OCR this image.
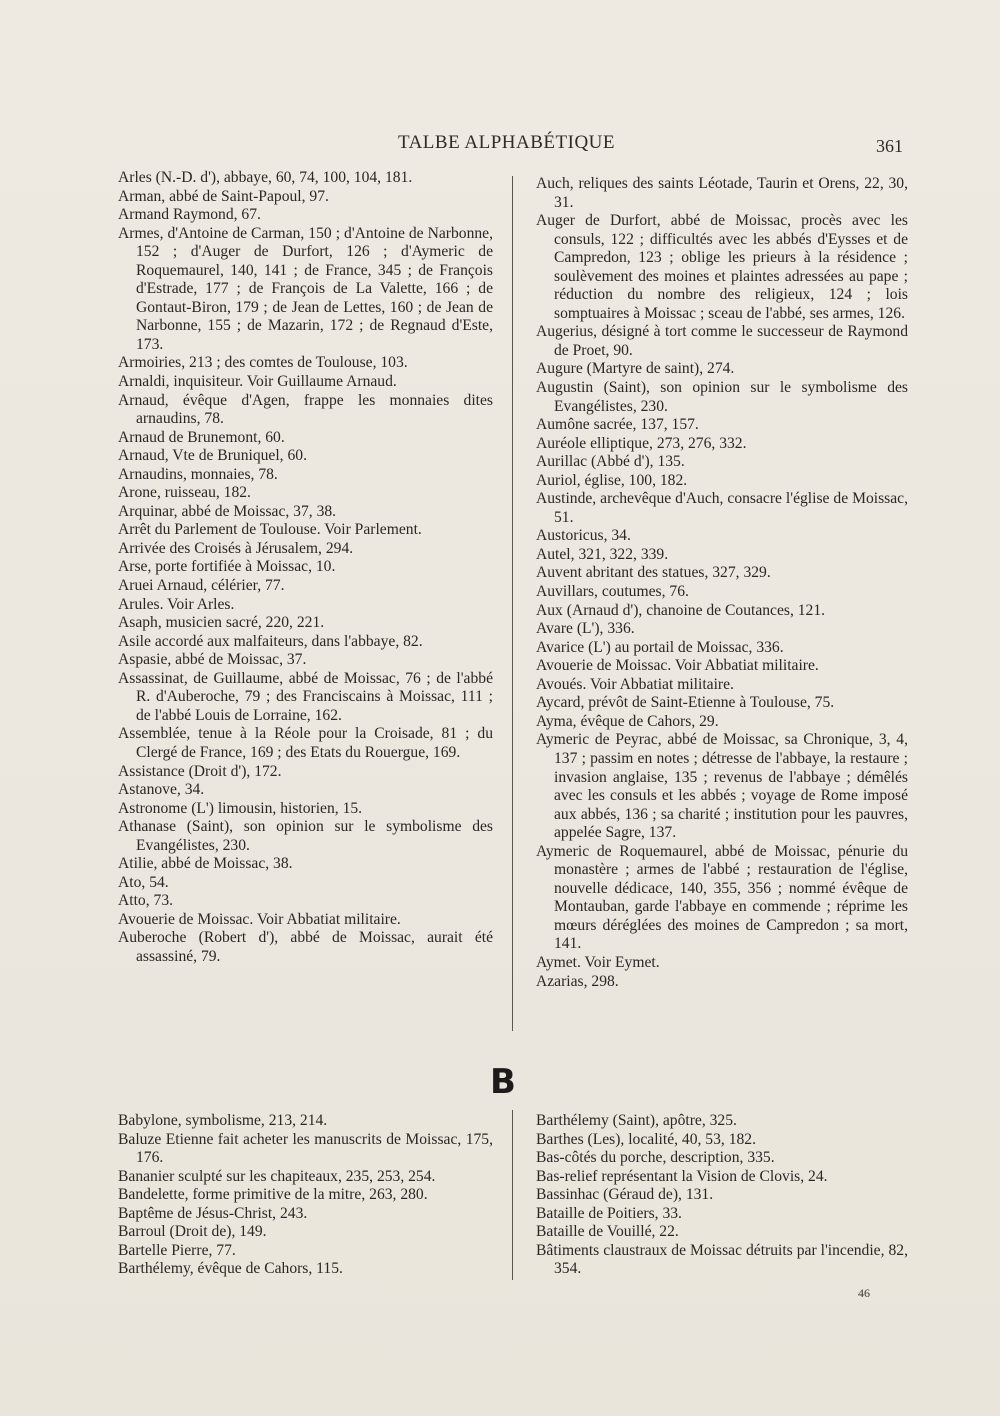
TALBE ALPHABÉTIQUE	361

Arles (N.-D. d'), abbaye, 60, 74, 100, 104, 181.

Arman, abbé de Saint-Papoul, 97.

Armand Raymond, 67.

Armes, d'Antoine de Carman, 150 ; d'Antoine de Narbonne, 152 ; d'Auger de Durfort, 126 ; d'Aymeric de Roquemaurel, 140, 141 ; de France, 345 ; de François d'Estrade, 177 ; de François de La Valette, 166 ; de Gontaut-Biron, 179 ; de Jean de Lettes, 160 ; de Jean de Narbonne, 155 ; de Mazarin, 172 ; de Regnaud d'Este, 173.

Armoiries, 213 ; des comtes de Toulouse, 103.

Arnaldi, inquisiteur. Voir Guillaume Arnaud.

Arnaud, évêque d'Agen, frappe les monnaies dites arnaudins, 78.

Arnaud de Brunemont, 60.

Arnaud, Vte de Bruniquel, 60.

Arnaudins, monnaies, 78.

Arone, ruisseau, 182.

Arquinar, abbé de Moissac, 37, 38.

Arrêt du Parlement de Toulouse. Voir Parlement.

Arrivée des Croisés à Jérusalem, 294.

Arse, porte fortifiée à Moissac, 10.

Aruei Arnaud, célérier, 77.

Arules. Voir Arles.

Asaph, musicien sacré, 220, 221.

Asile accordé aux malfaiteurs, dans l'abbaye, 82.

Aspasie, abbé de Moissac, 37.

Assassinat, de Guillaume, abbé de Moissac, 76 ; de l'abbé R. d'Auberoche, 79 ; des Franciscains à Moissac, 111 ; de l'abbé Louis de Lorraine, 162.

Assemblée, tenue à la Réole pour la Croisade, 81 ; du Clergé de France, 169 ; des Etats du Rouergue, 169.

Assistance (Droit d'), 172.

Astanove, 34.

Astronome (L') limousin, historien, 15.

Athanase (Saint), son opinion sur le symbolisme des Evangélistes, 230.

Atilie, abbé de Moissac, 38.

Ato, 54.

Atto, 73.

Avouerie de Moissac. Voir Abbatiat militaire.

Auberoche (Robert d'), abbé de Moissac, aurait été assassiné, 79.

Auch, reliques des saints Léotade, Taurin et Orens, 22, 30, 31.

Auger de Durfort, abbé de Moissac, procès avec les consuls, 122 ; difficultés avec les abbés d'Eysses et de Campredon, 123 ; oblige les prieurs à la résidence ; soulèvement des moines et plaintes adressées au pape ; réduction du nombre des religieux, 124 ; lois somptuaires à Moissac ; sceau de l'abbé, ses armes, 126.

Augerius, désigné à tort comme le successeur de Raymond de Proet, 90.

Augure (Martyre de saint), 274.

Augustin (Saint), son opinion sur le symbolisme des Evangélistes, 230.

Aumône sacrée, 137, 157.

Auréole elliptique, 273, 276, 332.

Aurillac (Abbé d'), 135.

Auriol, église, 100, 182.

Austinde, archevêque d'Auch, consacre l'église de Moissac, 51.

Austoricus, 34.

Autel, 321, 322, 339.

Auvent abritant des statues, 327, 329.

Auvillars, coutumes, 76.

Aux (Arnaud d'), chanoine de Coutances, 121.

Avare (L'), 336.

Avarice (L') au portail de Moissac, 336.

Avouerie de Moissac. Voir Abbatiat militaire.

Avoués. Voir Abbatiat militaire.

Aycard, prévôt de Saint-Etienne à Toulouse, 75.

Ayma, évêque de Cahors, 29.

Aymeric de Peyrac, abbé de Moissac, sa Chronique, 3, 4, 137 ; passim en notes ; détresse de l'abbaye, la restaure ; invasion anglaise, 135 ; revenus de l'abbaye ; démêlés avec les consuls et les abbés ; voyage de Rome imposé aux abbés, 136 ; sa charité ; institution pour les pauvres, appelée Sagre, 137.

Aymeric de Roquemaurel, abbé de Moissac, pénurie du monastère ; armes de l'abbé ; restauration de l'église, nouvelle dédicace, 140, 355, 356 ; nommé évêque de Montauban, garde l'abbaye en commende ; réprime les mœurs déréglées des moines de Campredon ; sa mort, 141.

Aymet. Voir Eymet.

Azarias, 298.

B

Babylone, symbolisme, 213, 214.

Baluze Etienne fait acheter les manuscrits de Moissac, 175, 176.

Bananier sculpté sur les chapiteaux, 235, 253, 254.

Bandelette, forme primitive de la mitre, 263, 280.

Baptême de Jésus-Christ, 243.

Barroul (Droit de), 149.

Bartelle Pierre, 77.

Barthélemy, évêque de Cahors, 115.

Barthélemy (Saint), apôtre, 325.

Barthes (Les), localité, 40, 53, 182.

Bas-côtés du porche, description, 335.

Bas-relief représentant la Vision de Clovis, 24.

Bassinhac (Géraud de), 131.

Bataille de Poitiers, 33.

Bataille de Vouillé, 22.

Bâtiments claustraux de Moissac détruits par l'incendie, 82, 354.

46
